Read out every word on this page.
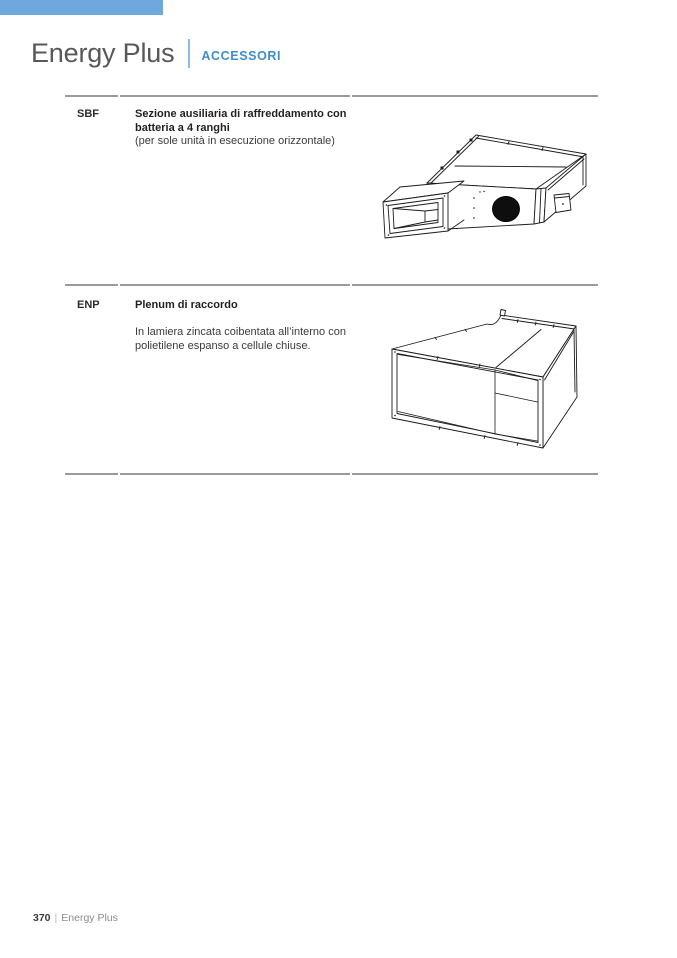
Energy Plus ACCESSORI
SBF	Sezione ausiliaria di raffreddamento con
batteria a 4 ranghi
(per sole unità in esecuzione orizzontale)
ENP	Plenum di raccordo
In lamiera zincata coibentata all’interno con
polietilene espanso a cellule chiuse.
370 | Energy Plus
